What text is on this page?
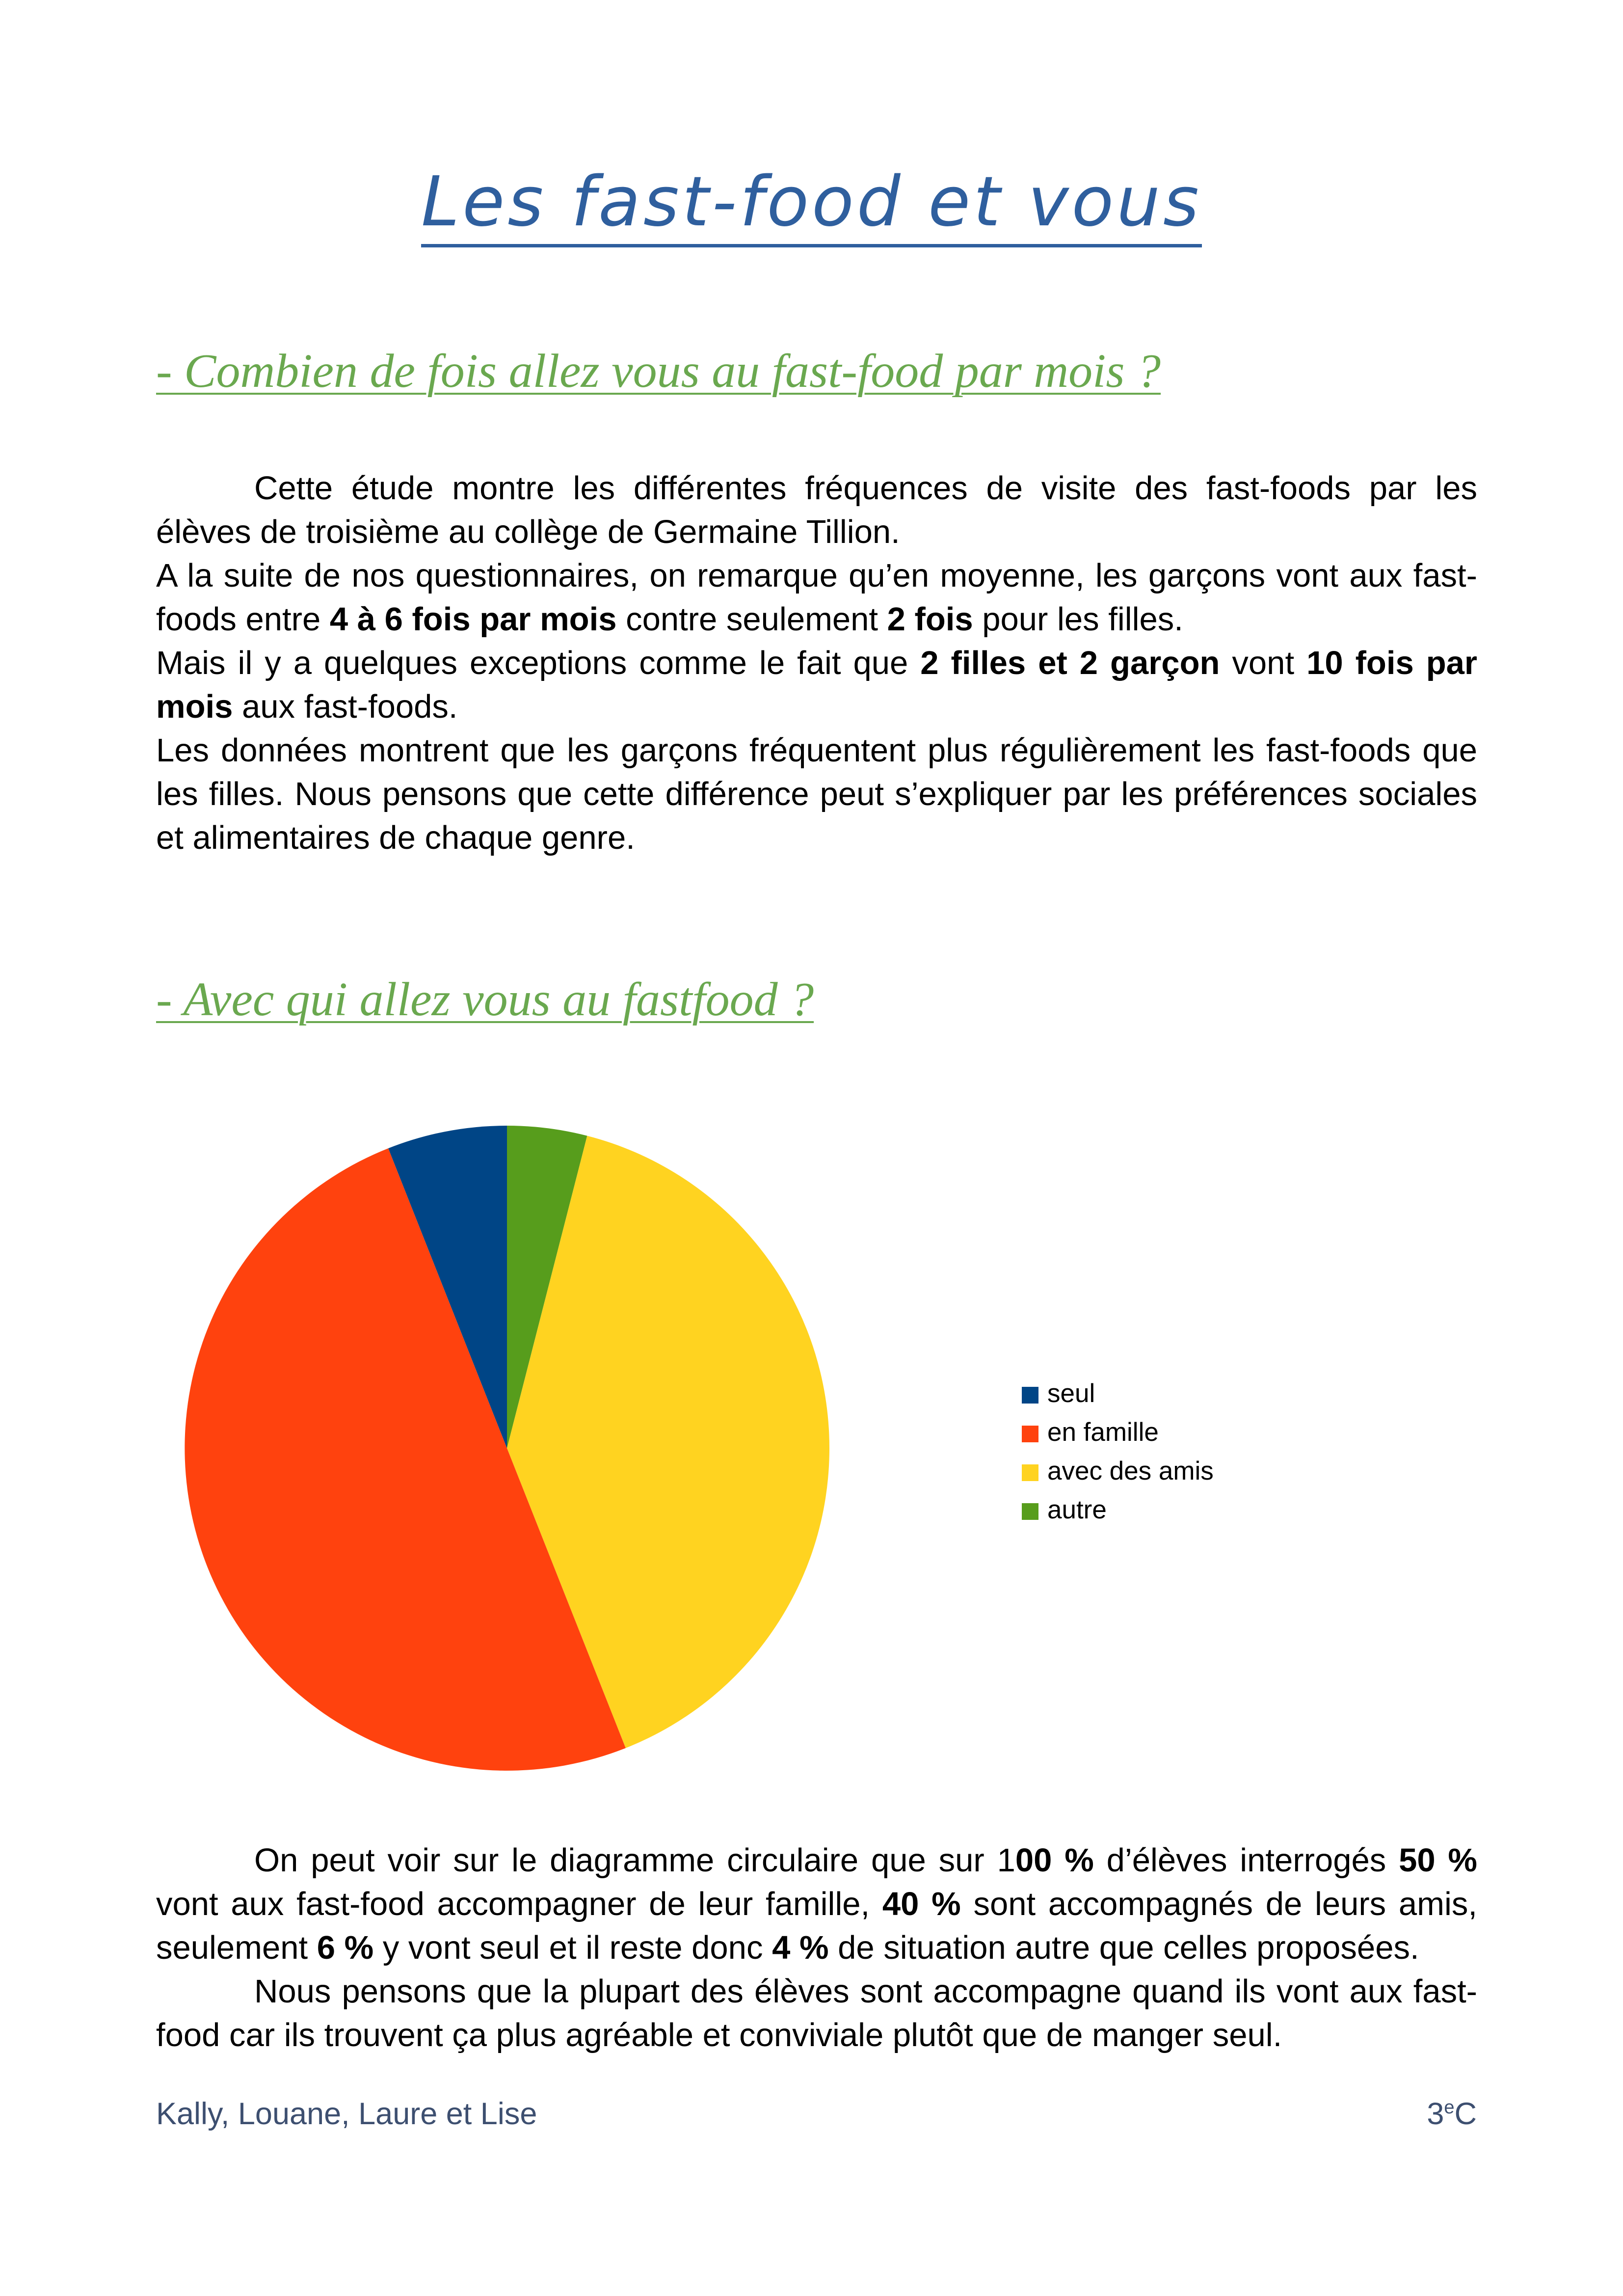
Les fast-food et vous
- Combien de fois allez vous au fast-food par mois ?

Cette étude montre les différentes fréquences de visite des fast-foods par les élèves de troisième au collège de Germaine Tillion.

A la suite de nos questionnaires, on remarque qu’en moyenne, les garçons vont aux fast-foods entre 4 à 6 fois par mois contre seulement 2 fois pour les filles.

Mais il y a quelques exceptions comme le fait que 2 filles et 2 garçon vont 10 fois par mois aux fast-foods.

Les données montrent que les garçons fréquentent plus régulièrement les fast-foods que les filles. Nous pensons que cette différence peut s’expliquer par les préférences sociales et alimentaires de chaque genre.

- Avec qui allez vous au fastfood ?
seul
en famille
avec des amis
autre

On peut voir sur le diagramme circulaire que sur 100 % d’élèves interrogés 50 % vont aux fast-food accompagner de leur famille, 40 % sont accompagnés de leurs amis, seulement 6 % y vont seul et il reste donc 4 % de situation autre que celles proposées.

Nous pensons que la plupart des élèves sont accompagne quand ils vont aux fast-food car ils trouvent ça plus agréable et conviviale plutôt que de manger seul.

Kally, Louane, Laure et Lise	3eC
